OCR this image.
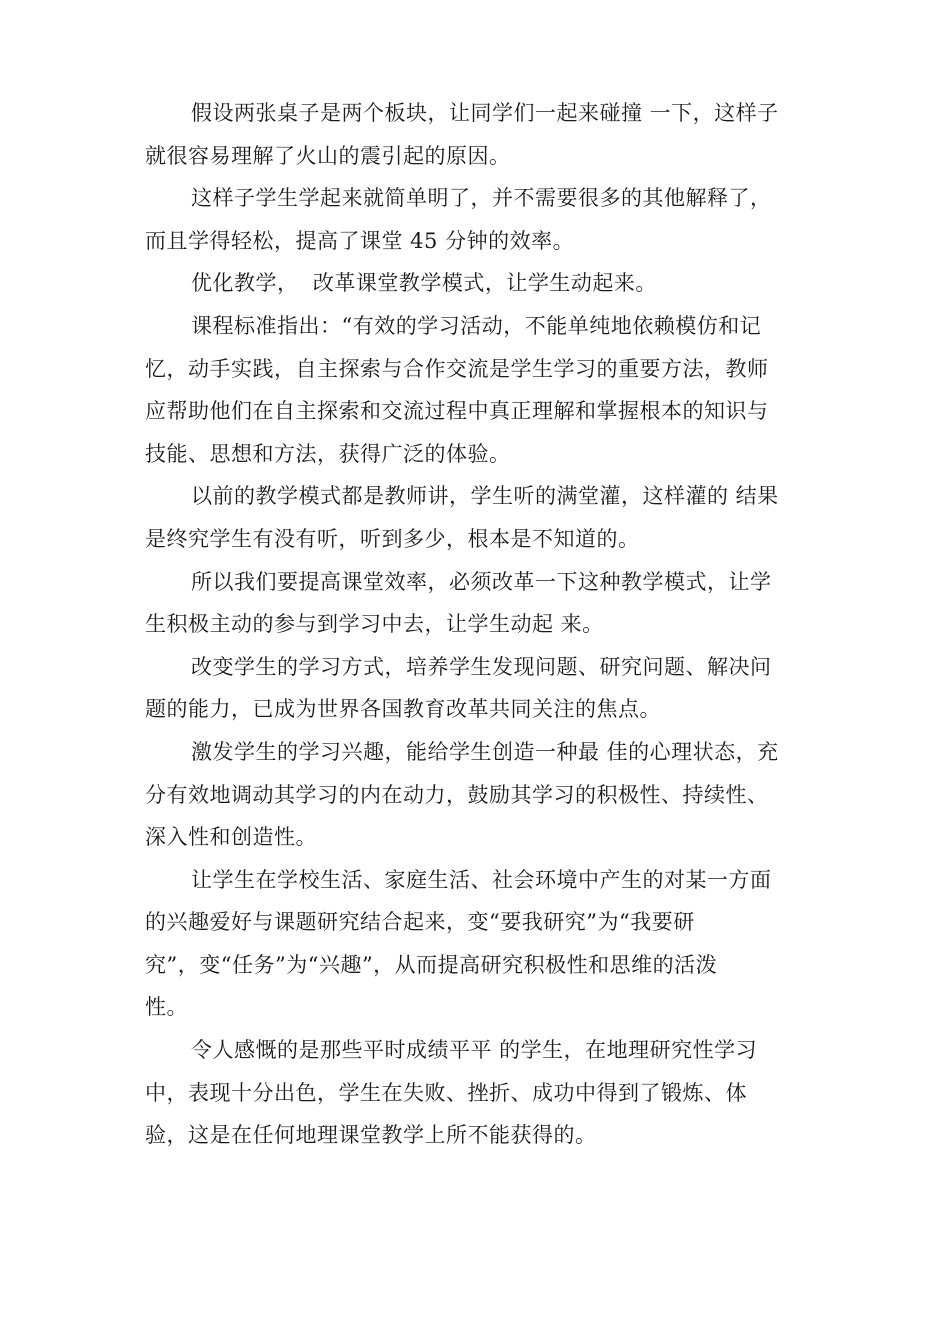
假设两张桌子是两个板块，让同学们一起来碰撞 一下，这样子
就很容易理解了火山的震引起的原因。
这样子学生学起来就简单明了，并不需要很多的其他解释了，
而且学得轻松，提高了课堂 45 分钟的效率。
优化教学，  改革课堂教学模式，让学生动起来。
课程标准指出：“有效的学习活动，不能单纯地依赖模仿和记
忆，动手实践，自主探索与合作交流是学生学习的重要方法，教师
应帮助他们在自主探索和交流过程中真正理解和掌握根本的知识与
技能、思想和方法，获得广泛的体验。
以前的教学模式都是教师讲，学生听的满堂灌，这样灌的 结果
是终究学生有没有听，听到多少，根本是不知道的。
所以我们要提高课堂效率，必须改革一下这种教学模式，让学
生积极主动的参与到学习中去，让学生动起 来。
改变学生的学习方式，培养学生发现问题、研究问题、解决问
题的能力，已成为世界各国教育改革共同关注的焦点。
激发学生的学习兴趣，能给学生创造一种最 佳的心理状态，充
分有效地调动其学习的内在动力，鼓励其学习的积极性、持续性、
深入性和创造性。
让学生在学校生活、家庭生活、社会环境中产生的对某一方面
的兴趣爱好与课题研究结合起来，变“要我研究”为“我要研
究”，变“任务”为“兴趣”，从而提高研究积极性和思维的活泼
性。
令人感慨的是那些平时成绩平平 的学生，在地理研究性学习
中，表现十分出色，学生在失败、挫折、成功中得到了锻炼、体
验，这是在任何地理课堂教学上所不能获得的。
